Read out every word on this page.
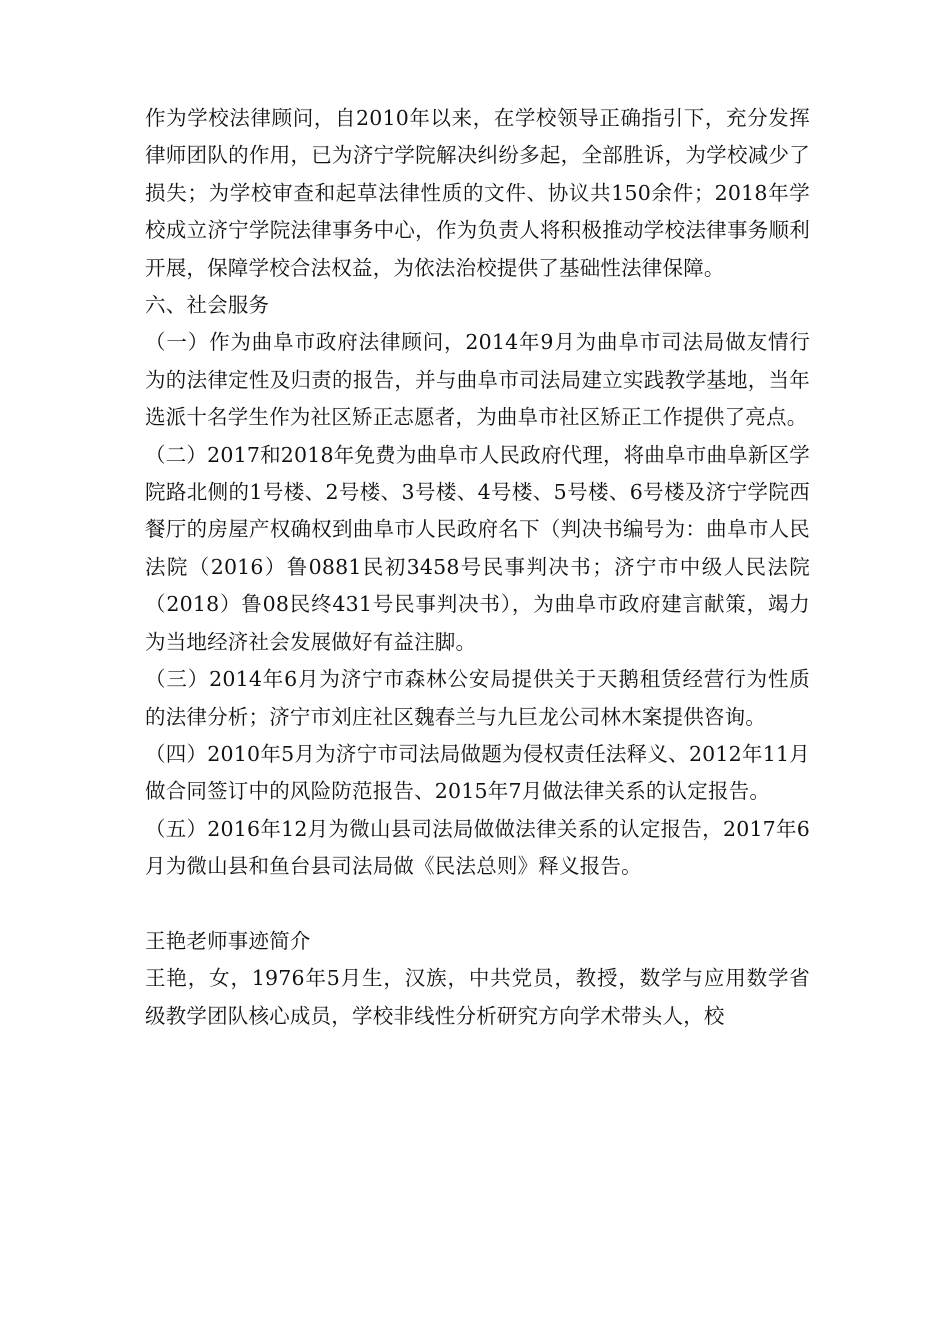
作为学校法律顾问，自2010年以来，在学校领导正确指引下，充分发挥律师团队的作用，已为济宁学院解决纠纷多起，全部胜诉，为学校减少了损失；为学校审查和起草法律性质的文件、协议共150余件；2018年学校成立济宁学院法律事务中心，作为负责人将积极推动学校法律事务顺利开展，保障学校合法权益，为依法治校提供了基础性法律保障。

六、社会服务

（一）作为曲阜市政府法律顾问，2014年9月为曲阜市司法局做友情行为的法律定性及归责的报告，并与曲阜市司法局建立实践教学基地，当年选派十名学生作为社区矫正志愿者，为曲阜市社区矫正工作提供了亮点。

（二）2017和2018年免费为曲阜市人民政府代理，将曲阜市曲阜新区学院路北侧的1号楼、2号楼、3号楼、4号楼、5号楼、6号楼及济宁学院西餐厅的房屋产权确权到曲阜市人民政府名下（判决书编号为：曲阜市人民法院（2016）鲁0881民初3458号民事判决书；济宁市中级人民法院（2018）鲁08民终431号民事判决书），为曲阜市政府建言献策，竭力为当地经济社会发展做好有益注脚。

（三）2014年6月为济宁市森林公安局提供关于天鹅租赁经营行为性质的法律分析；济宁市刘庄社区魏春兰与九巨龙公司林木案提供咨询。

（四）2010年5月为济宁市司法局做题为侵权责任法释义、2012年11月做合同签订中的风险防范报告、2015年7月做法律关系的认定报告。

（五）2016年12月为微山县司法局做做法律关系的认定报告，2017年6月为微山县和鱼台县司法局做《民法总则》释义报告。

王艳老师事迹简介

王艳，女，1976年5月生，汉族，中共党员，教授，数学与应用数学省级教学团队核心成员，学校非线性分析研究方向学术带头人，校
